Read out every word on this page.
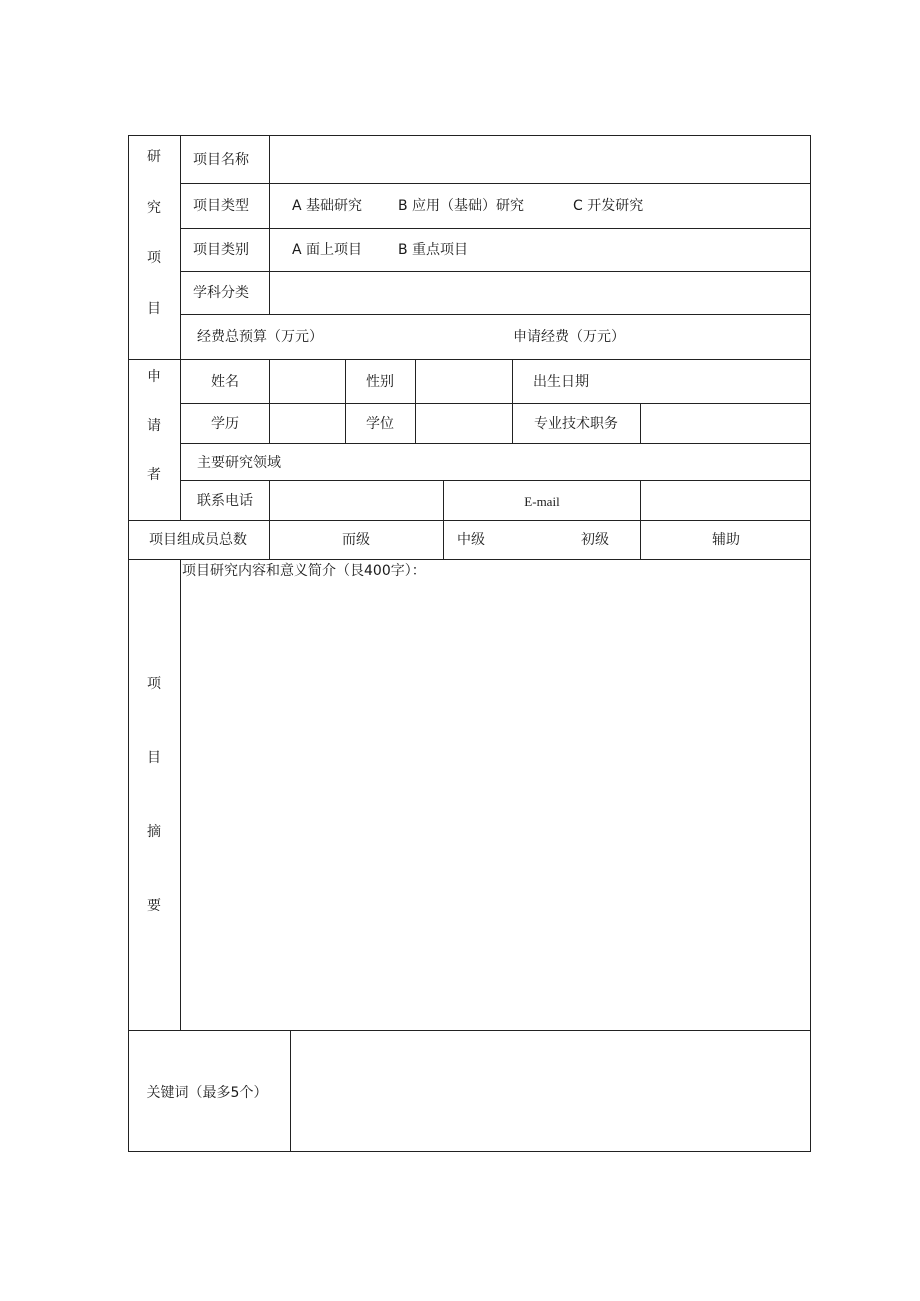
研
究
项
目
项目名称
项目类型	A 基础研究	B 应用（基础）研究	C 开发研究
项目类别	A 面上项目	B 重点项目
学科分类
经费总预算（万元）	申请经费（万元）
申
请
者
姓名	性别	出生日期
学历	学位	专业技术职务
主要研究领域
联系电话	E-mail
项目组成员总数	而级	中级	初级	辅助
项
目
摘
要
项目研究内容和意义简介（艮400字）：
关键词（最多5个）
